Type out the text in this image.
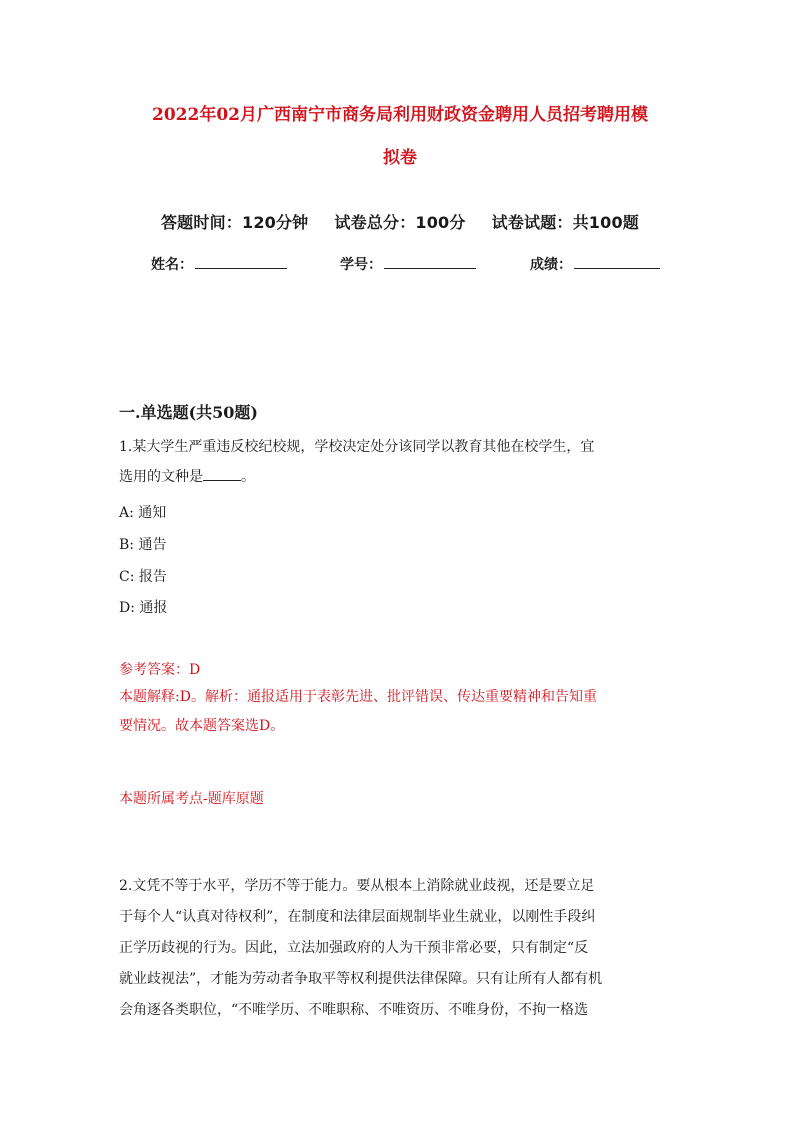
2022年02月广西南宁市商务局利用财政资金聘用人员招考聘用模
拟卷
答题时间：120分钟 试卷总分：100分 试卷试题：共100题
姓名：	学号：	成绩：
一.单选题(共50题)
1.某大学生严重违反校纪校规，学校决定处分该同学以教育其他在校学生，宜
选用的文种是	。
A: 通知
B: 通告
C: 报告
D: 通报
参考答案：D
本题解释:D。解析：通报适用于表彰先进、批评错误、传达重要精神和告知重
要情况。故本题答案选D。
本题所属考点-题库原题
2.文凭不等于水平，学历不等于能力。要从根本上消除就业歧视，还是要立足
于每个人“认真对待权利”，在制度和法律层面规制毕业生就业，以刚性手段纠
正学历歧视的行为。因此，立法加强政府的人为干预非常必要，只有制定“反
就业歧视法”，才能为劳动者争取平等权利提供法律保障。只有让所有人都有机
会角逐各类职位，“不唯学历、不唯职称、不唯资历、不唯身份，不拘一格选
